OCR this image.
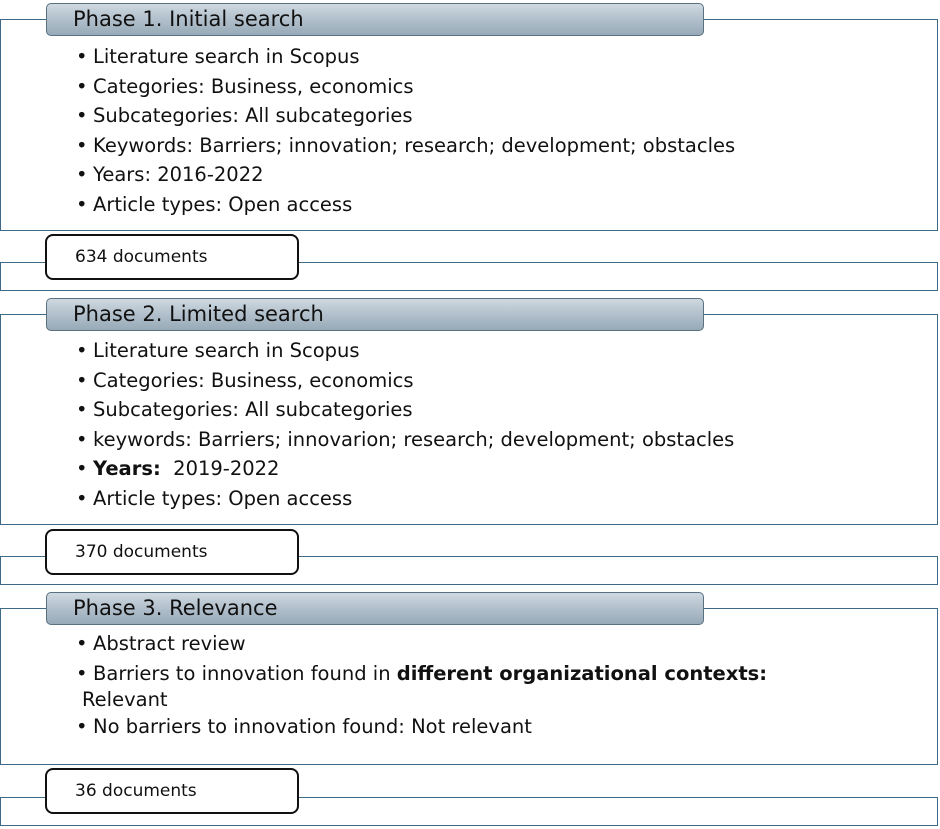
Phase 1. Initial search
• Literature search in Scopus
• Categories: Business, economics
• Subcategories: All subcategories
• Keywords: Barriers; innovation; research; development; obstacles
• Years: 2016-2022
• Article types: Open access
634 documents
Phase 2. Limited search
• Literature search in Scopus
• Categories: Business, economics
• Subcategories: All subcategories
• keywords: Barriers; innovarion; research; development; obstacles
• Years: 2019-2022
• Article types: Open access
370 documents
Phase 3. Relevance
• Abstract review
• Barriers to innovation found in different organizational contexts:
Relevant
• No barriers to innovation found: Not relevant
36 documents
